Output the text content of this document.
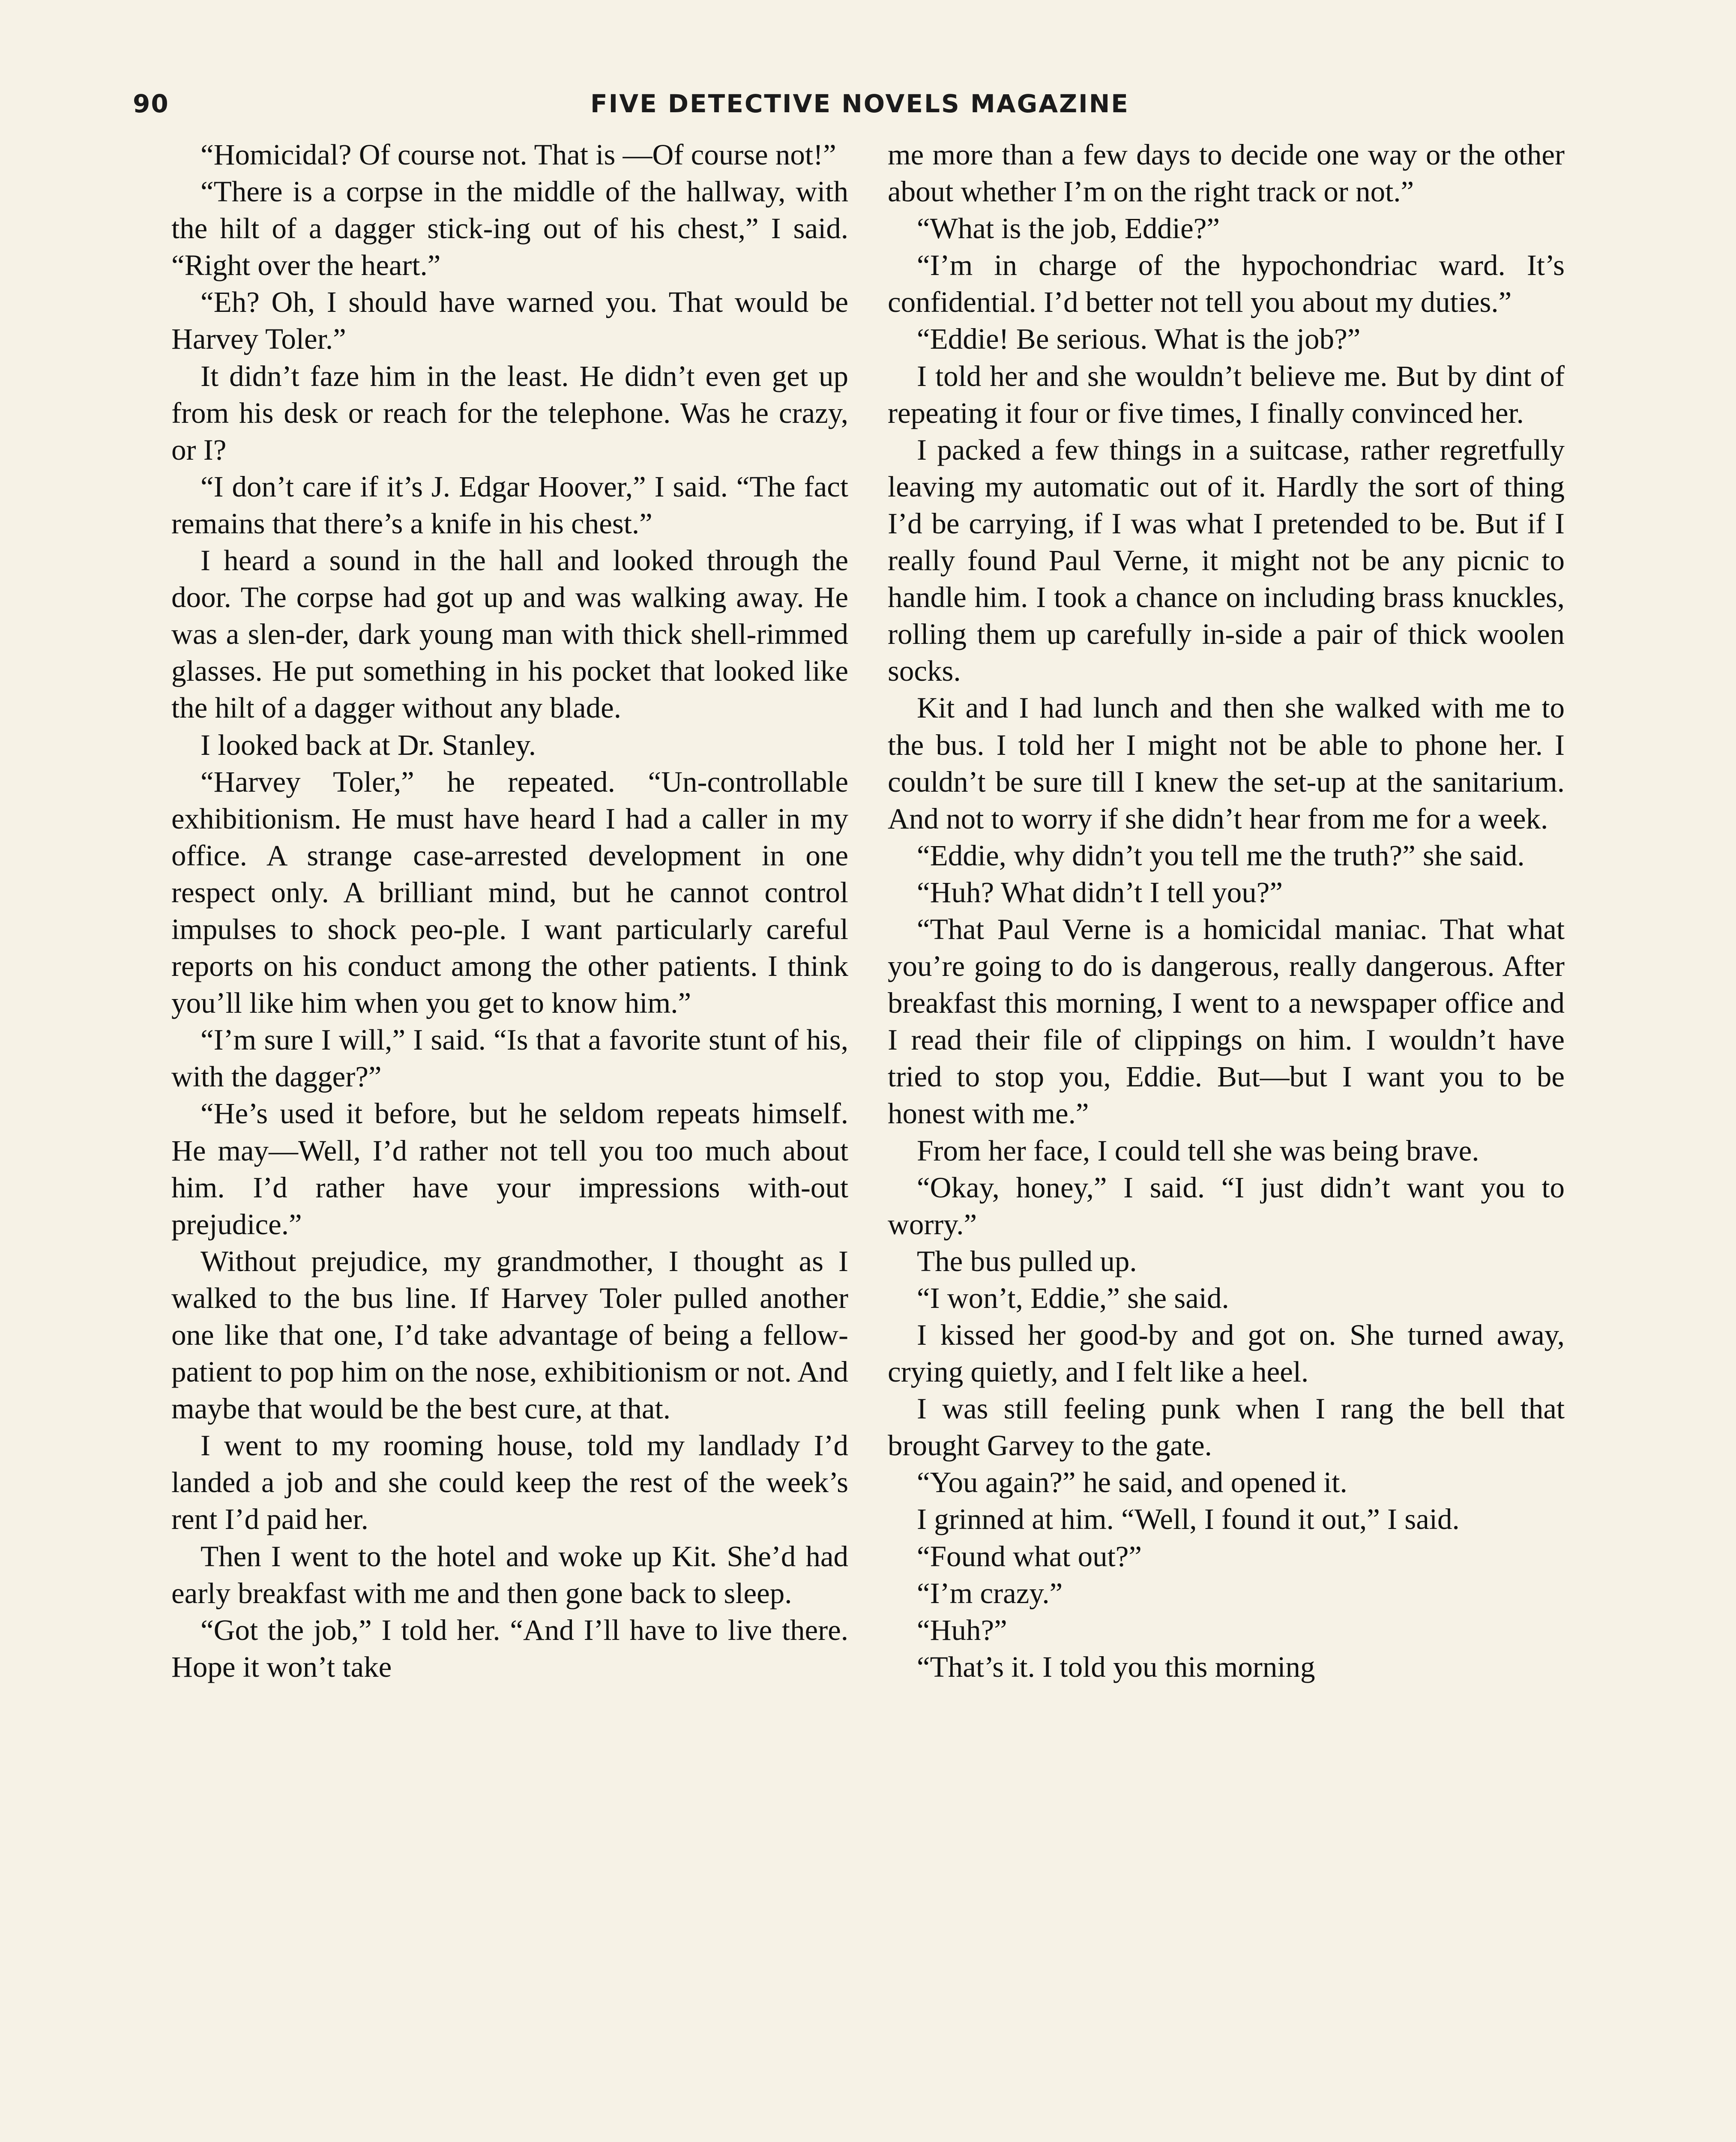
90	FIVE DETECTIVE NOVELS MAGAZINE

“Homicidal? Of course not. That is —Of course not!”

“There is a corpse in the middle of the hallway, with the hilt of a dagger stick-ing out of his chest,” I said. “Right over the heart.”

“Eh? Oh, I should have warned you. That would be Harvey Toler.”

It didn’t faze him in the least. He didn’t even get up from his desk or reach for the telephone. Was he crazy, or I?

“I don’t care if it’s J. Edgar Hoover,” I said. “The fact remains that there’s a knife in his chest.”

I heard a sound in the hall and looked through the door. The corpse had got up and was walking away. He was a slen-der, dark young man with thick shell-rimmed glasses. He put something in his pocket that looked like the hilt of a dagger without any blade.

I looked back at Dr. Stanley.

“Harvey Toler,” he repeated. “Un-controllable exhibitionism. He must have heard I had a caller in my office. A strange case-arrested development in one respect only. A brilliant mind, but he cannot control impulses to shock peo-ple. I want particularly careful reports on his conduct among the other patients. I think you’ll like him when you get to know him.”

“I’m sure I will,” I said. “Is that a favorite stunt of his, with the dagger?”

“He’s used it before, but he seldom repeats himself. He may—Well, I’d rather not tell you too much about him. I’d rather have your impressions with-out prejudice.”

Without prejudice, my grandmother, I thought as I walked to the bus line. If Harvey Toler pulled another one like that one, I’d take advantage of being a fellow-patient to pop him on the nose, exhibitionism or not. And maybe that would be the best cure, at that.

I went to my rooming house, told my landlady I’d landed a job and she could keep the rest of the week’s rent I’d paid her.

Then I went to the hotel and woke up Kit. She’d had early breakfast with me and then gone back to sleep.

“Got the job,” I told her. “And I’ll have to live there. Hope it won’t take

me more than a few days to decide one way or the other about whether I’m on the right track or not.”

“What is the job, Eddie?”

“I’m in charge of the hypochondriac ward. It’s confidential. I’d better not tell you about my duties.”

“Eddie! Be serious. What is the job?”

I told her and she wouldn’t believe me. But by dint of repeating it four or five times, I finally convinced her.

I packed a few things in a suitcase, rather regretfully leaving my automatic out of it. Hardly the sort of thing I’d be carrying, if I was what I pretended to be. But if I really found Paul Verne, it might not be any picnic to handle him. I took a chance on including brass knuckles, rolling them up carefully in-side a pair of thick woolen socks.

Kit and I had lunch and then she walked with me to the bus. I told her I might not be able to phone her. I couldn’t be sure till I knew the set-up at the sanitarium. And not to worry if she didn’t hear from me for a week.

“Eddie, why didn’t you tell me the truth?” she said.

“Huh? What didn’t I tell you?”

“That Paul Verne is a homicidal maniac. That what you’re going to do is dangerous, really dangerous. After breakfast this morning, I went to a newspaper office and I read their file of clippings on him. I wouldn’t have tried to stop you, Eddie. But—but I want you to be honest with me.”

From her face, I could tell she was being brave.

“Okay, honey,” I said. “I just didn’t want you to worry.”

The bus pulled up.

“I won’t, Eddie,” she said.

I kissed her good-by and got on. She turned away, crying quietly, and I felt like a heel.

I was still feeling punk when I rang the bell that brought Garvey to the gate.

“You again?” he said, and opened it.

I grinned at him. “Well, I found it out,” I said.

“Found what out?”

“I’m crazy.”

“Huh?”

“That’s it. I told you this morning
